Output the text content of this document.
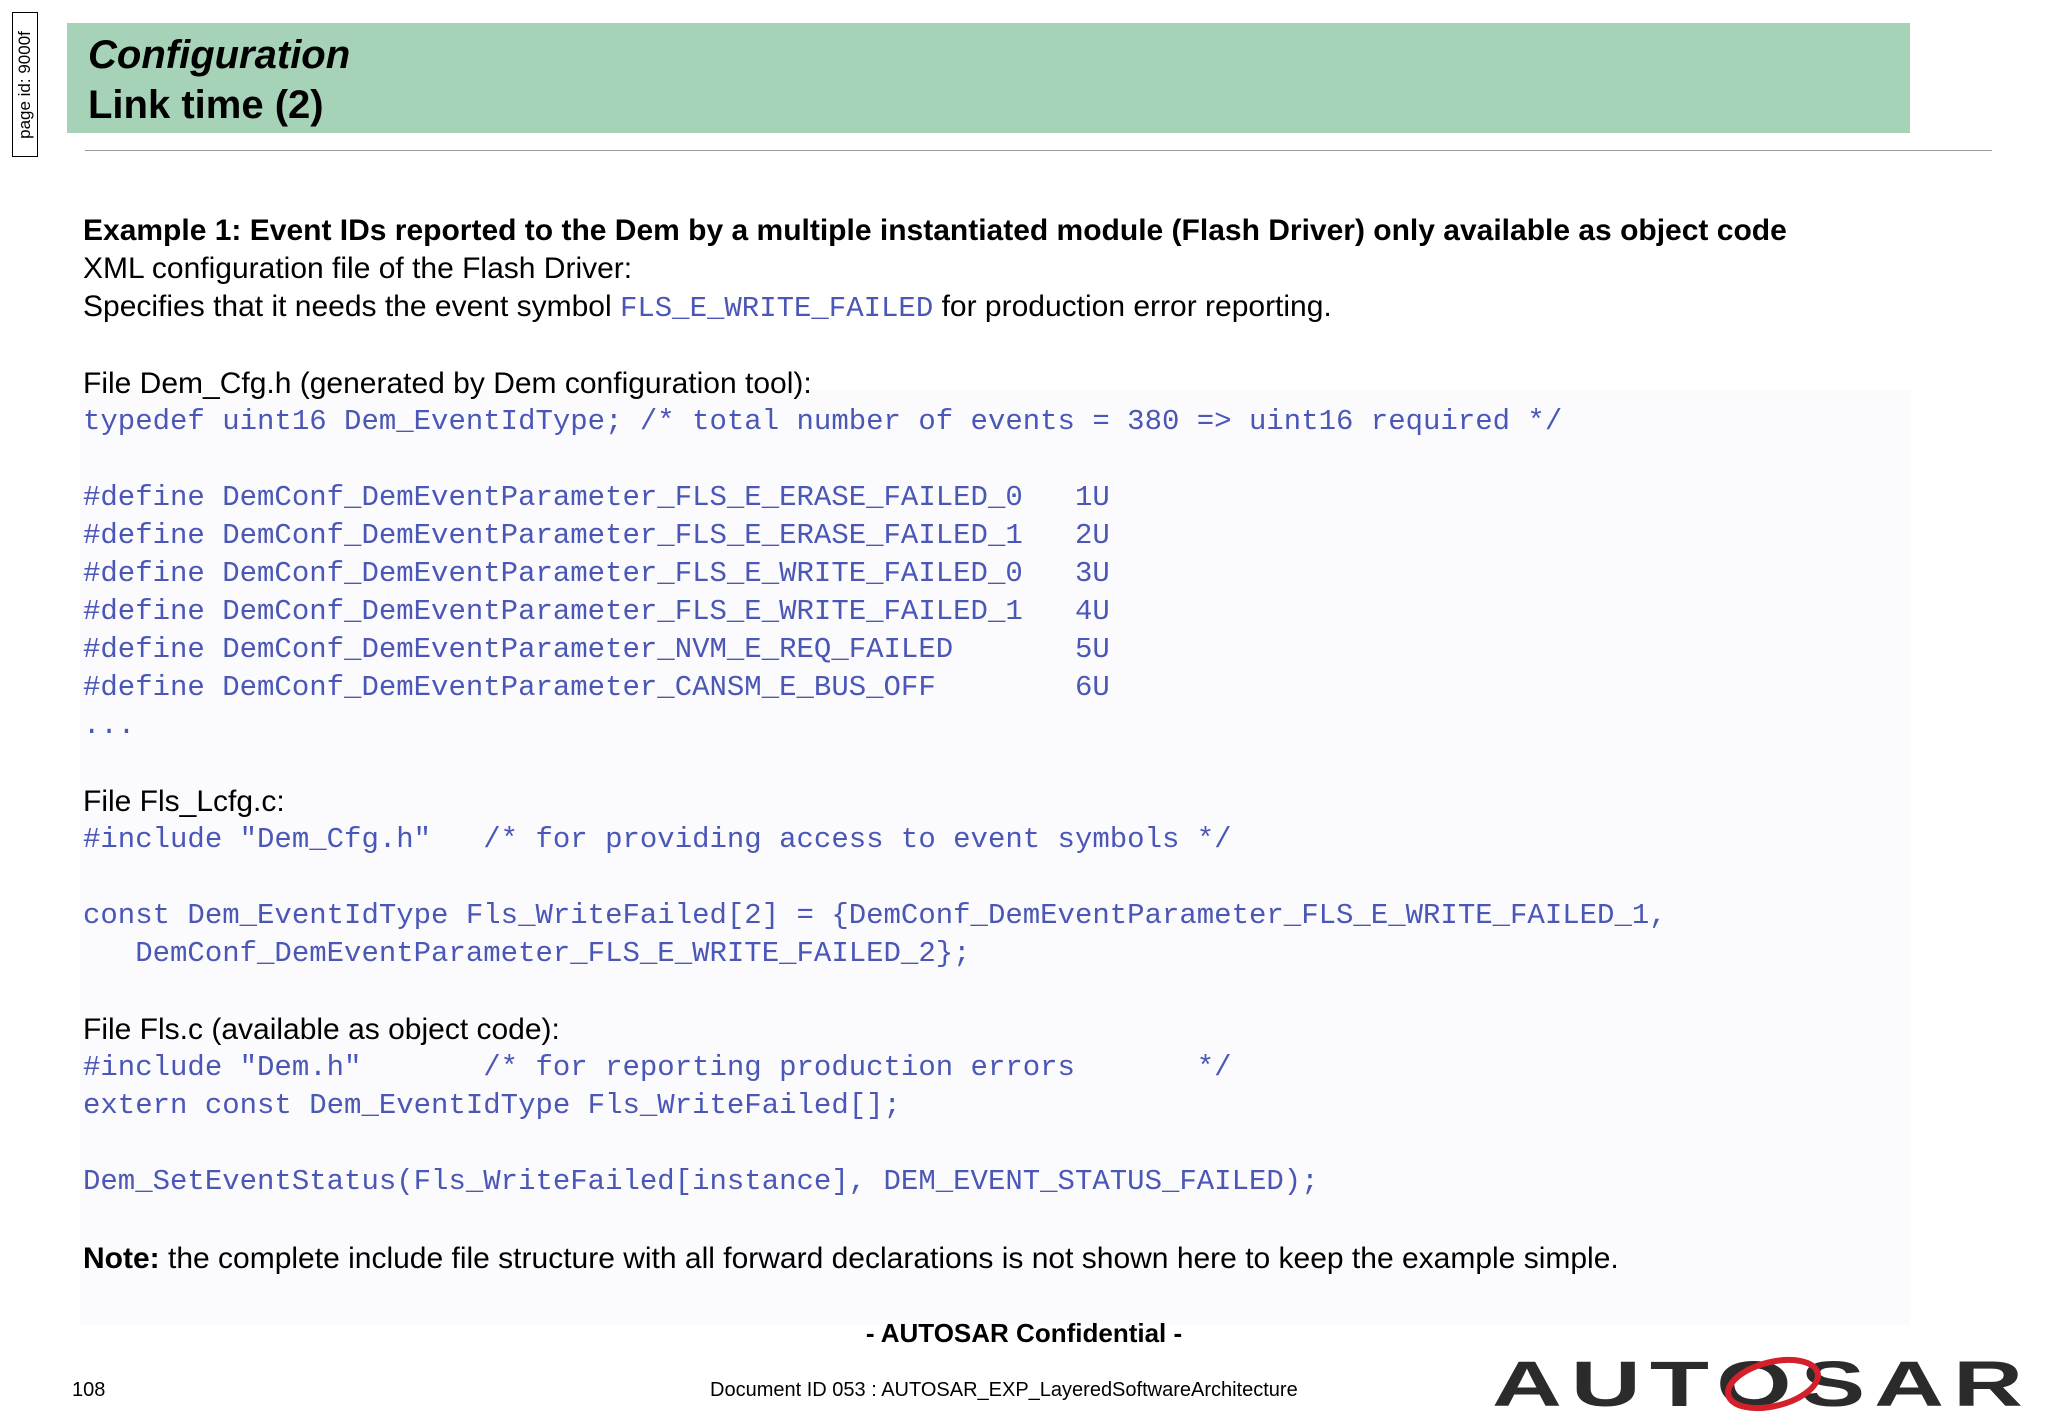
page id: 9000f Configuration
Link time (2)
Example 1: Event IDs reported to the Dem by a multiple instantiated module (Flash Driver) only available as object code
XML configuration file of the Flash Driver:
Specifies that it needs the event symbol FLS_E_WRITE_FAILED for production error reporting.
File Dem_Cfg.h (generated by Dem configuration tool):
typedef uint16 Dem_EventIdType; /* total number of events = 380 => uint16 required */
#define DemConf_DemEventParameter_FLS_E_ERASE_FAILED_0   1U
#define DemConf_DemEventParameter_FLS_E_ERASE_FAILED_1   2U
#define DemConf_DemEventParameter_FLS_E_WRITE_FAILED_0   3U
#define DemConf_DemEventParameter_FLS_E_WRITE_FAILED_1   4U
#define DemConf_DemEventParameter_NVM_E_REQ_FAILED       5U
#define DemConf_DemEventParameter_CANSM_E_BUS_OFF        6U
...
File Fls_Lcfg.c:
#include "Dem_Cfg.h"   /* for providing access to event symbols */
const Dem_EventIdType Fls_WriteFailed[2] = {DemConf_DemEventParameter_FLS_E_WRITE_FAILED_1,
DemConf_DemEventParameter_FLS_E_WRITE_FAILED_2};
File Fls.c (available as object code):
#include "Dem.h"       /* for reporting production errors       */
extern const Dem_EventIdType Fls_WriteFailed[];
Dem_SetEventStatus(Fls_WriteFailed[instance], DEM_EVENT_STATUS_FAILED);
Note: the complete include file structure with all forward declarations is not shown here to keep the example simple.
- AUTOSAR Confidential -
108	Document ID 053 : AUTOSAR_EXP_LayeredSoftwareArchitecture	AUTOSAR
